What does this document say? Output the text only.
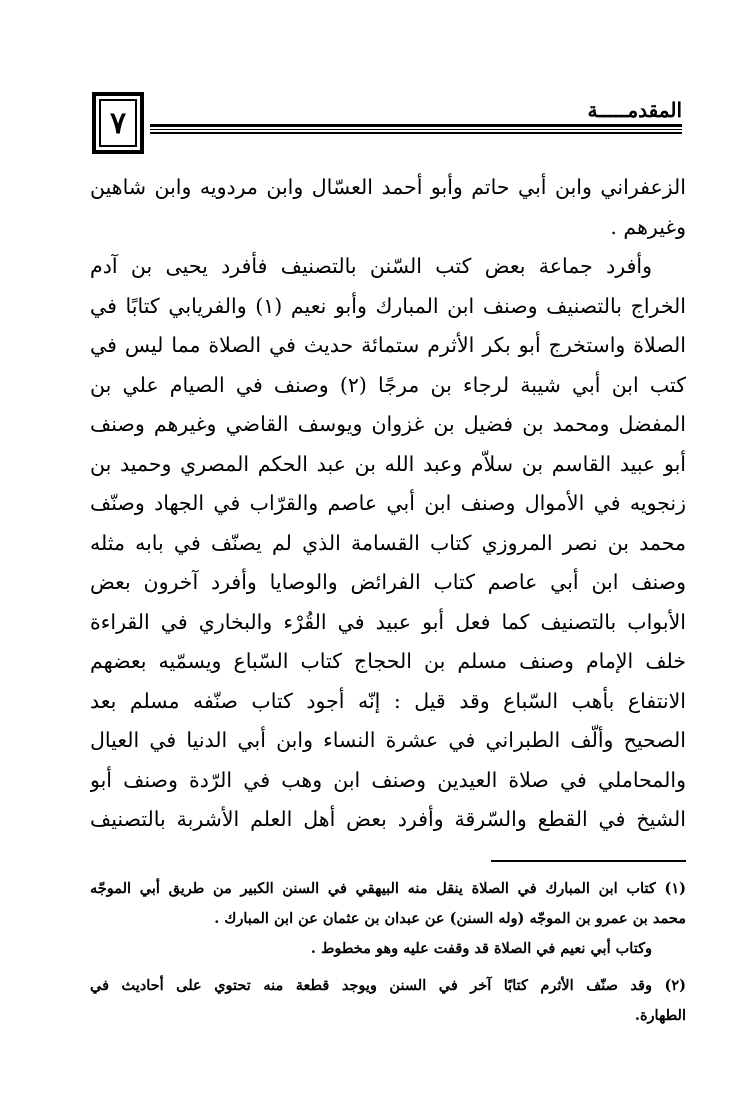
٧	المقدمـــــة
الزعفراني وابن أبي حاتم وأبو أحمد العسّال وابن مردويه وابن شاهين
وغيرهم .
وأفرد جماعة بعض كتب السّنن بالتصنيف فأفرد يحيى بن آدم
الخراج بالتصنيف وصنف ابن المبارك وأبو نعيم (١) والفريابي كتابًا في
الصلاة واستخرج أبو بكر الأثرم ستمائة حديث في الصلاة مما ليس في
كتب ابن أبي شيبة لرجاء بن مرجًا (٢) وصنف في الصيام علي بن
المفضل ومحمد بن فضيل بن غزوان ويوسف القاضي وغيرهم وصنف
أبو عبيد القاسم بن سلاّم وعبد الله بن عبد الحكم المصري وحميد بن
زنجويه في الأموال وصنف ابن أبي عاصم والقرّاب في الجهاد وصنّف
محمد بن نصر المروزي كتاب القسامة الذي لم يصنّف في بابه مثله
وصنف ابن أبي عاصم كتاب الفرائض والوصايا وأفرد آخرون بعض
الأبواب بالتصنيف كما فعل أبو عبيد في القُرْء والبخاري في القراءة
خلف الإمام وصنف مسلم بن الحجاج كتاب السّباع ويسمّيه بعضهم
الانتفاع بأهب السّباع وقد قيل : إنّه أجود كتاب صنّفه مسلم بعد
الصحيح وألّف الطبراني في عشرة النساء وابن أبي الدنيا في العيال
والمحاملي في صلاة العيدين وصنف ابن وهب في الرّدة وصنف أبو
الشيخ في القطع والسّرقة وأفرد بعض أهل العلم الأشربة بالتصنيف
(١) كتاب ابن المبارك في الصلاة ينقل منه البيهقي في السنن الكبير من طريق أبي الموجّه
محمد بن عمرو بن الموجّه (وله السنن) عن عبدان بن عثمان عن ابن المبارك .
وكتاب أبي نعيم في الصلاة قد وقفت عليه وهو مخطوط .
(٢) وقد صنّف الأثرم كتابًا آخر في السنن ويوجد قطعة منه تحتوي على أحاديث في
الطهارة.
